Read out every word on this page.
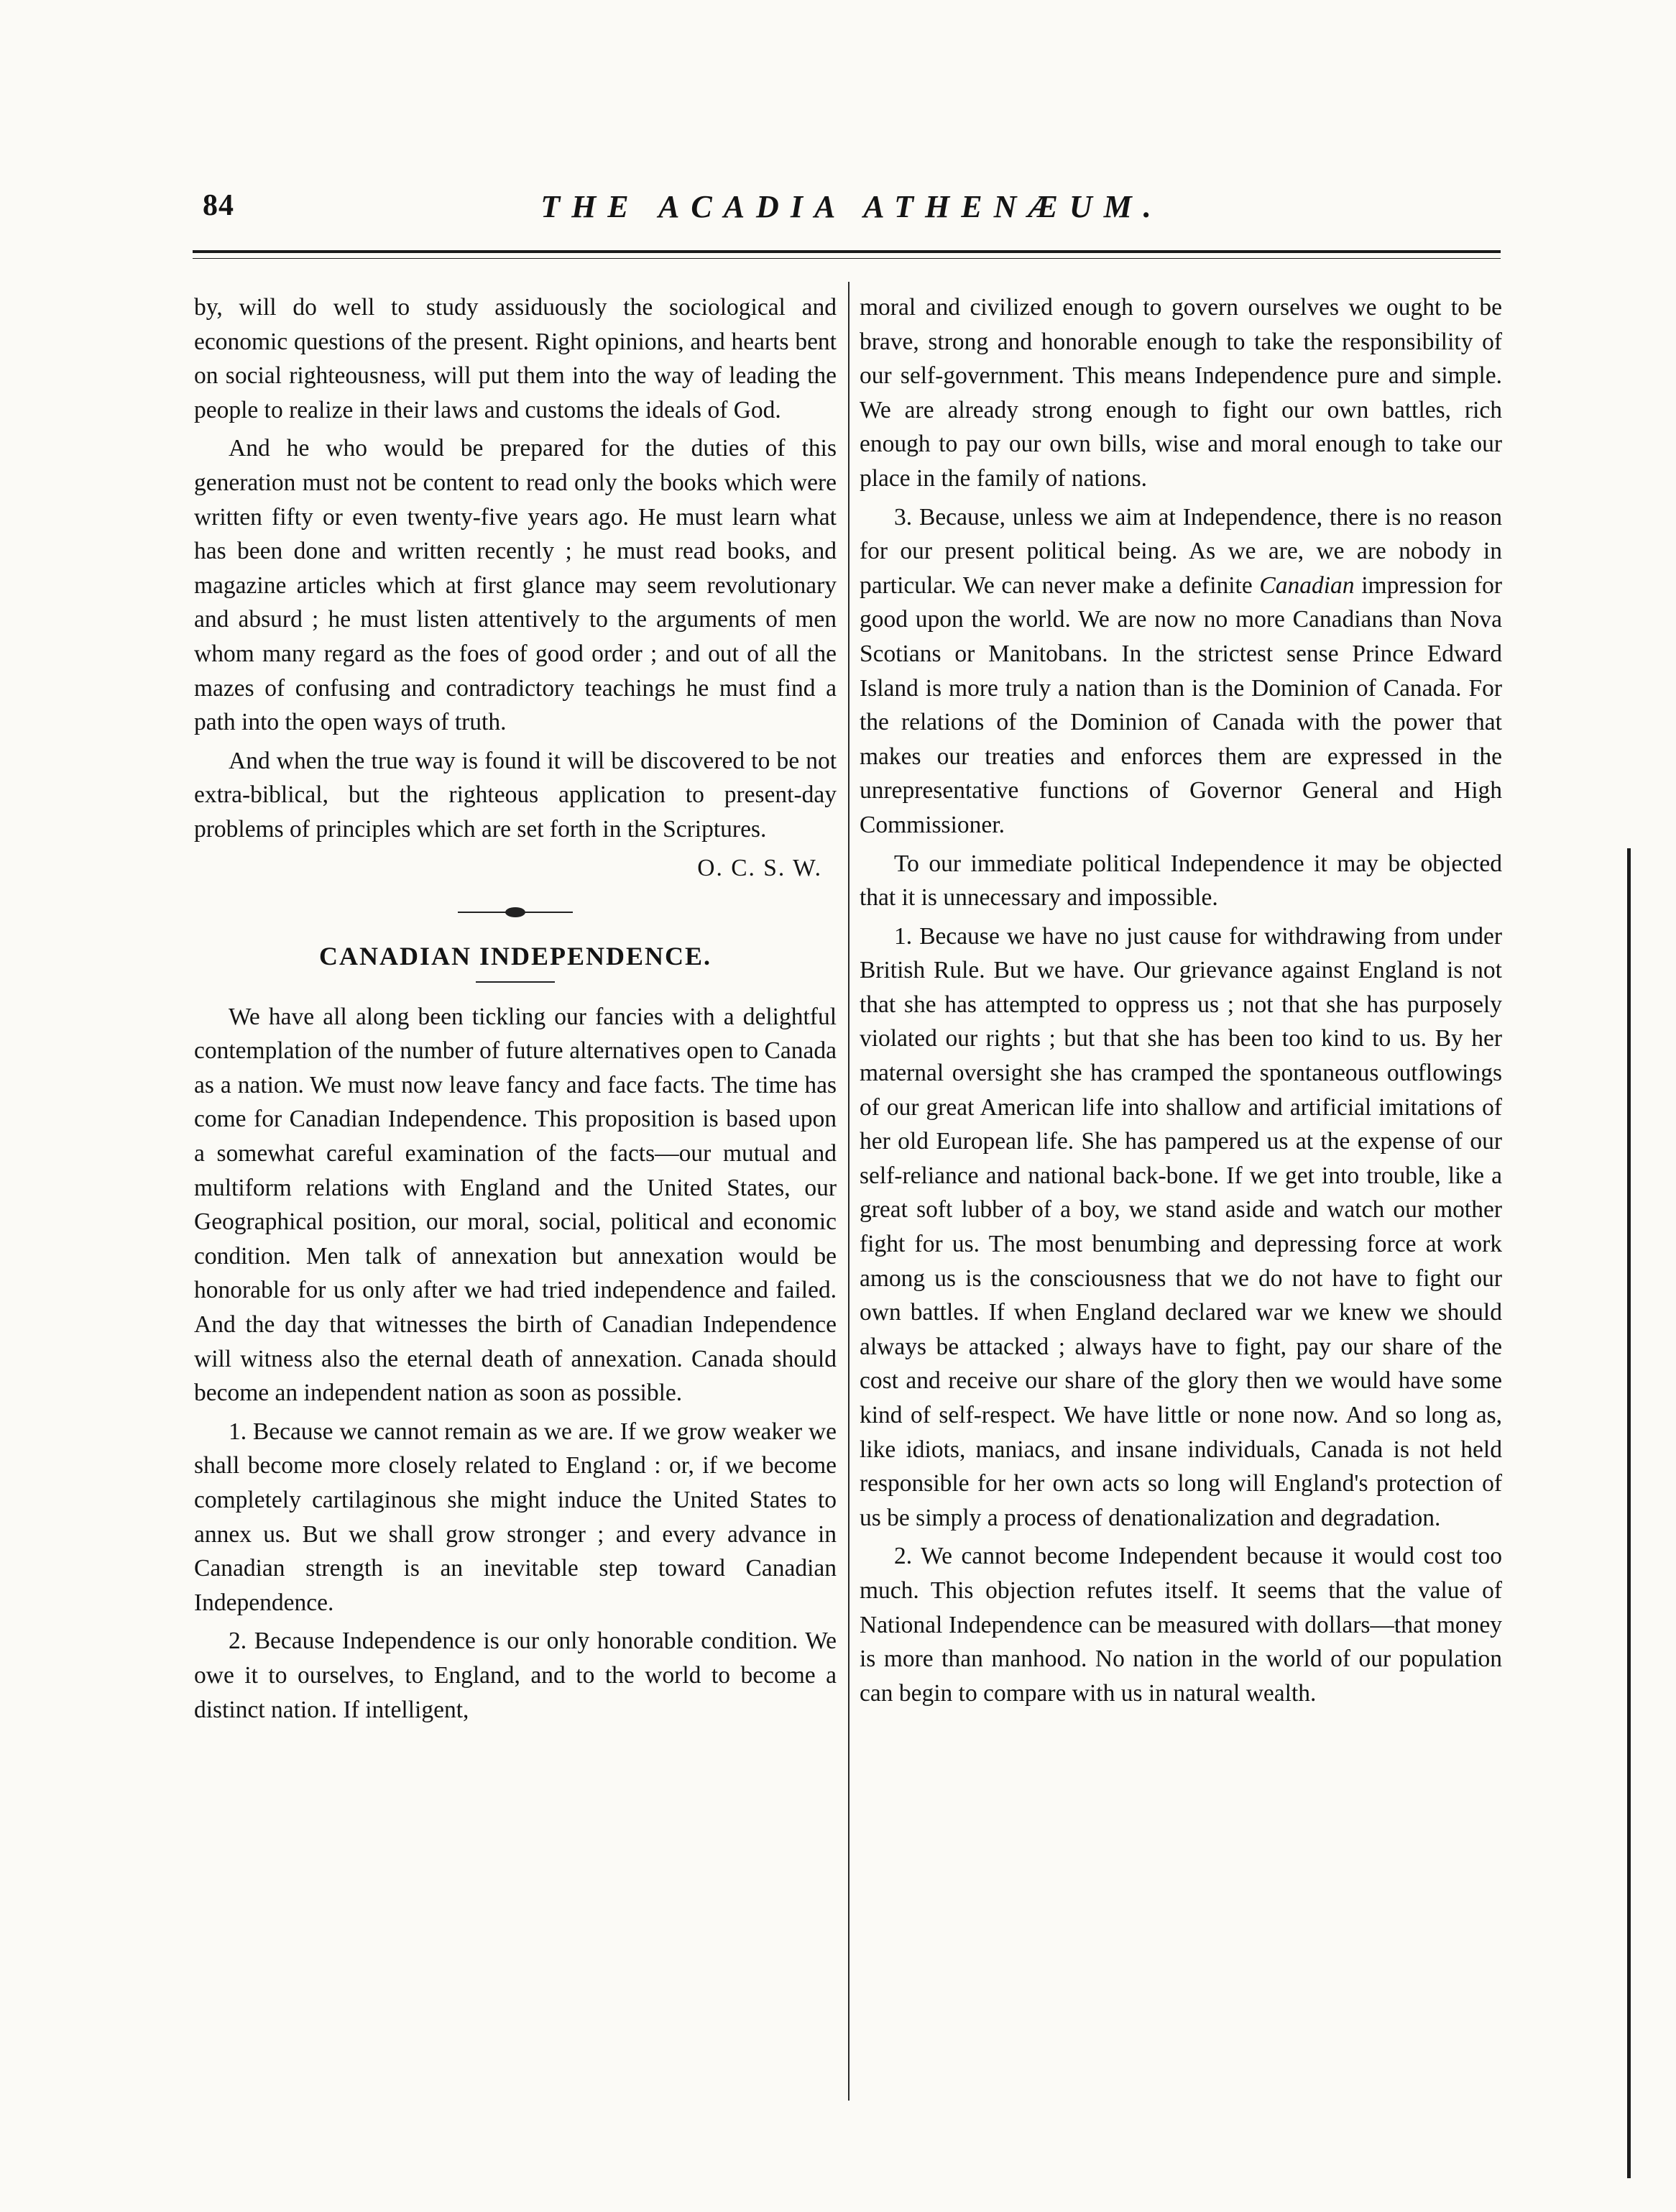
84	THE ACADIA ATHENÆUM.

by, will do well to study assiduously the sociological and economic questions of the present. Right opinions, and hearts bent on social righteousness, will put them into the way of leading the people to realize in their laws and customs the ideals of God.

And he who would be prepared for the duties of this generation must not be content to read only the books which were written fifty or even twenty-five years ago. He must learn what has been done and written recently ; he must read books, and magazine articles which at first glance may seem revolutionary and absurd ; he must listen attentively to the arguments of men whom many regard as the foes of good order ; and out of all the mazes of confusing and contradictory teachings he must find a path into the open ways of truth.

And when the true way is found it will be discovered to be not extra-biblical, but the righteous application to present-day problems of principles which are set forth in the Scriptures.

O. C. S. W.
CANADIAN INDEPENDENCE.

We have all along been tickling our fancies with a delightful contemplation of the number of future alternatives open to Canada as a nation. We must now leave fancy and face facts. The time has come for Canadian Independence. This proposition is based upon a somewhat careful examination of the facts—our mutual and multiform relations with England and the United States, our Geographical position, our moral, social, political and economic condition. Men talk of annexation but annexation would be honorable for us only after we had tried independence and failed. And the day that witnesses the birth of Canadian Independence will witness also the eternal death of annexation. Canada should become an independent nation as soon as possible.

1. Because we cannot remain as we are. If we grow weaker we shall become more closely related to England : or, if we become completely cartilaginous she might induce the United States to annex us. But we shall grow stronger ; and every advance in Canadian strength is an inevitable step toward Canadian Independence.

2. Because Independence is our only honorable condition. We owe it to ourselves, to England, and to the world to become a distinct nation. If intelligent,

moral and civilized enough to govern ourselves we ought to be brave, strong and honorable enough to take the responsibility of our self-government. This means Independence pure and simple. We are already strong enough to fight our own battles, rich enough to pay our own bills, wise and moral enough to take our place in the family of nations.

3. Because, unless we aim at Independence, there is no reason for our present political being. As we are, we are nobody in particular. We can never make a definite Canadian impression for good upon the world. We are now no more Canadians than Nova Scotians or Manitobans. In the strictest sense Prince Edward Island is more truly a nation than is the Dominion of Canada. For the relations of the Dominion of Canada with the power that makes our treaties and enforces them are expressed in the unrepresentative functions of Governor General and High Commissioner.

To our immediate political Independence it may be objected that it is unnecessary and impossible.

1. Because we have no just cause for withdrawing from under British Rule. But we have. Our grievance against England is not that she has attempted to oppress us ; not that she has purposely violated our rights ; but that she has been too kind to us. By her maternal oversight she has cramped the spontaneous outflowings of our great American life into shallow and artificial imitations of her old European life. She has pampered us at the expense of our self-reliance and national back-bone. If we get into trouble, like a great soft lubber of a boy, we stand aside and watch our mother fight for us. The most benumbing and depressing force at work among us is the consciousness that we do not have to fight our own battles. If when England declared war we knew we should always be attacked ; always have to fight, pay our share of the cost and receive our share of the glory then we would have some kind of self-respect. We have little or none now. And so long as, like idiots, maniacs, and insane individuals, Canada is not held responsible for her own acts so long will England's protection of us be simply a process of denationalization and degradation.

2. We cannot become Independent because it would cost too much. This objection refutes itself. It seems that the value of National Independence can be measured with dollars—that money is more than manhood. No nation in the world of our population can begin to compare with us in natural wealth.
